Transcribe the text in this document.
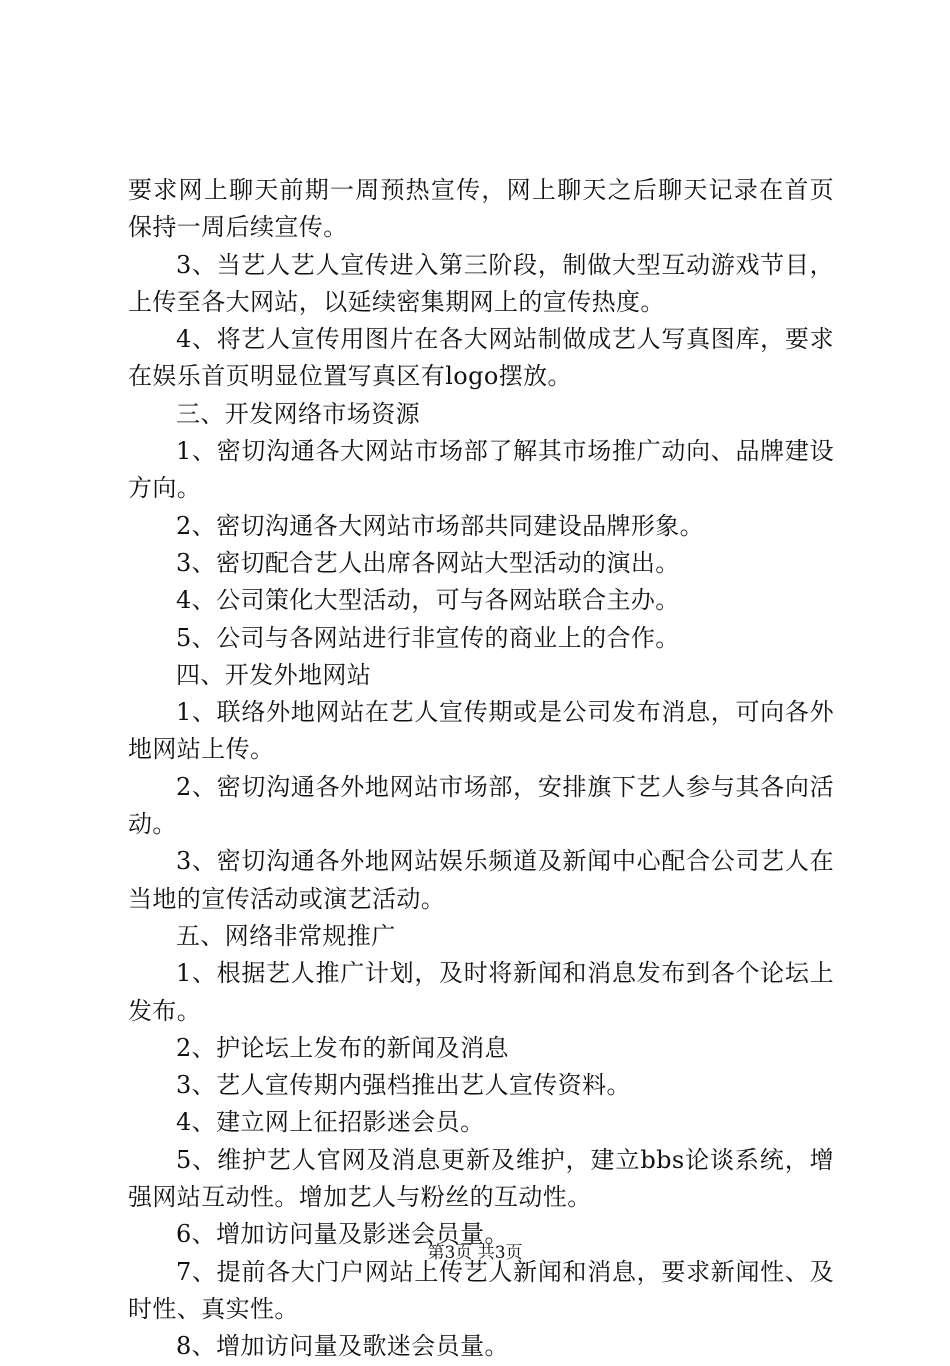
要求网上聊天前期一周预热宣传，网上聊天之后聊天记录在首页保持一周后续宣传。

3、当艺人艺人宣传进入第三阶段，制做大型互动游戏节目，上传至各大网站，以延续密集期网上的宣传热度。

4、将艺人宣传用图片在各大网站制做成艺人写真图库，要求在娱乐首页明显位置写真区有logo摆放。

三、开发网络市场资源

1、密切沟通各大网站市场部了解其市场推广动向、品牌建设方向。

2、密切沟通各大网站市场部共同建设品牌形象。

3、密切配合艺人出席各网站大型活动的演出。

4、公司策化大型活动，可与各网站联合主办。

5、公司与各网站进行非宣传的商业上的合作。

四、开发外地网站

1、联络外地网站在艺人宣传期或是公司发布消息，可向各外地网站上传。

2、密切沟通各外地网站市场部，安排旗下艺人参与其各向活动。

3、密切沟通各外地网站娱乐频道及新闻中心配合公司艺人在当地的宣传活动或演艺活动。

五、网络非常规推广

1、根据艺人推广计划，及时将新闻和消息发布到各个论坛上发布。

2、护论坛上发布的新闻及消息

3、艺人宣传期内强档推出艺人宣传资料。

4、建立网上征招影迷会员。

5、维护艺人官网及消息更新及维护，建立bbs论谈系统，增强网站互动性。增加艺人与粉丝的互动性。

6、增加访问量及影迷会员量。

7、提前各大门户网站上传艺人新闻和消息，要求新闻性、及时性、真实性。

8、增加访问量及歌迷会员量。

第3页 共3页
